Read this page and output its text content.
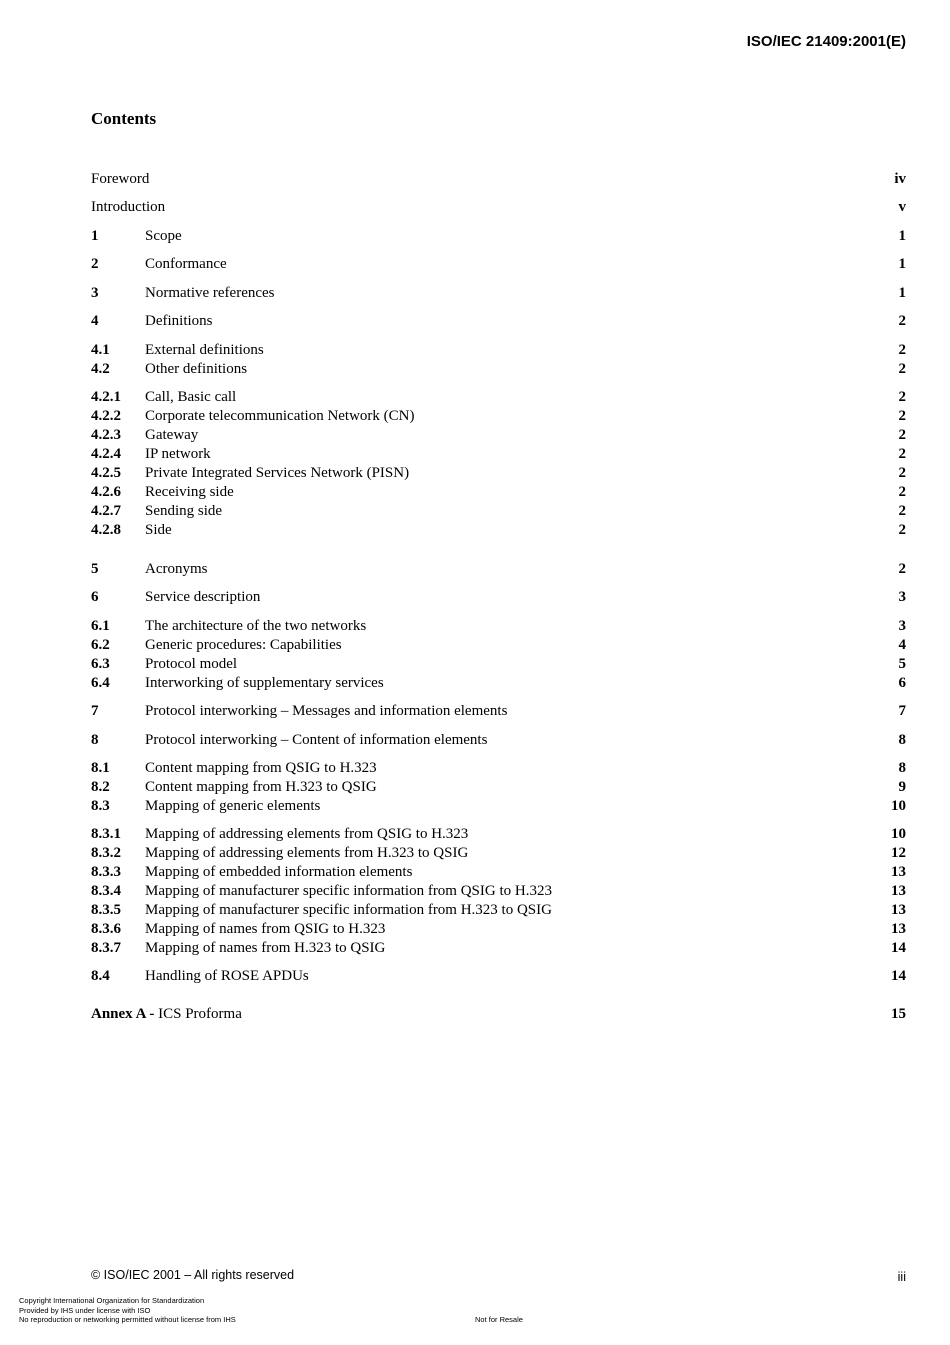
ISO/IEC 21409:2001(E)
Contents
Foreword	iv
Introduction	v
1	Scope	1
2	Conformance	1
3	Normative references	1
4	Definitions	2
4.1 External definitions	2
4.2 Other definitions	2
4.2.1 Call, Basic call	2
4.2.2 Corporate telecommunication Network (CN)	2
4.2.3 Gateway	2
4.2.4 IP network	2
4.2.5 Private Integrated Services Network (PISN)	2
4.2.6 Receiving side	2
4.2.7 Sending side	2
4.2.8 Side	2
5	Acronyms	2
6	Service description	3
6.1 The architecture of the two networks	3
6.2 Generic procedures: Capabilities	4
6.3 Protocol model	5
6.4 Interworking of supplementary services	6
7	Protocol interworking – Messages and information elements	7
8	Protocol interworking – Content of information elements	8
8.1 Content mapping from QSIG to H.323	8
8.2 Content mapping from H.323 to QSIG	9
8.3 Mapping of generic elements	10
8.3.1 Mapping of addressing elements from QSIG to H.323	10
8.3.2 Mapping of addressing elements from H.323 to QSIG	12
8.3.3 Mapping of embedded information elements	13
8.3.4 Mapping of manufacturer specific information from QSIG to H.323	13
8.3.5 Mapping of manufacturer specific information from H.323 to QSIG	13
8.3.6 Mapping of names from QSIG to H.323	13
8.3.7 Mapping of names from H.323 to QSIG	14
8.4 Handling of ROSE APDUs	14
Annex A - ICS Proforma	15
© ISO/IEC 2001 – All rights reserved	iii
Copyright International Organization for Standardization
Provided by IHS under license with ISO
No reproduction or networking permitted without license from IHS	Not for Resale
